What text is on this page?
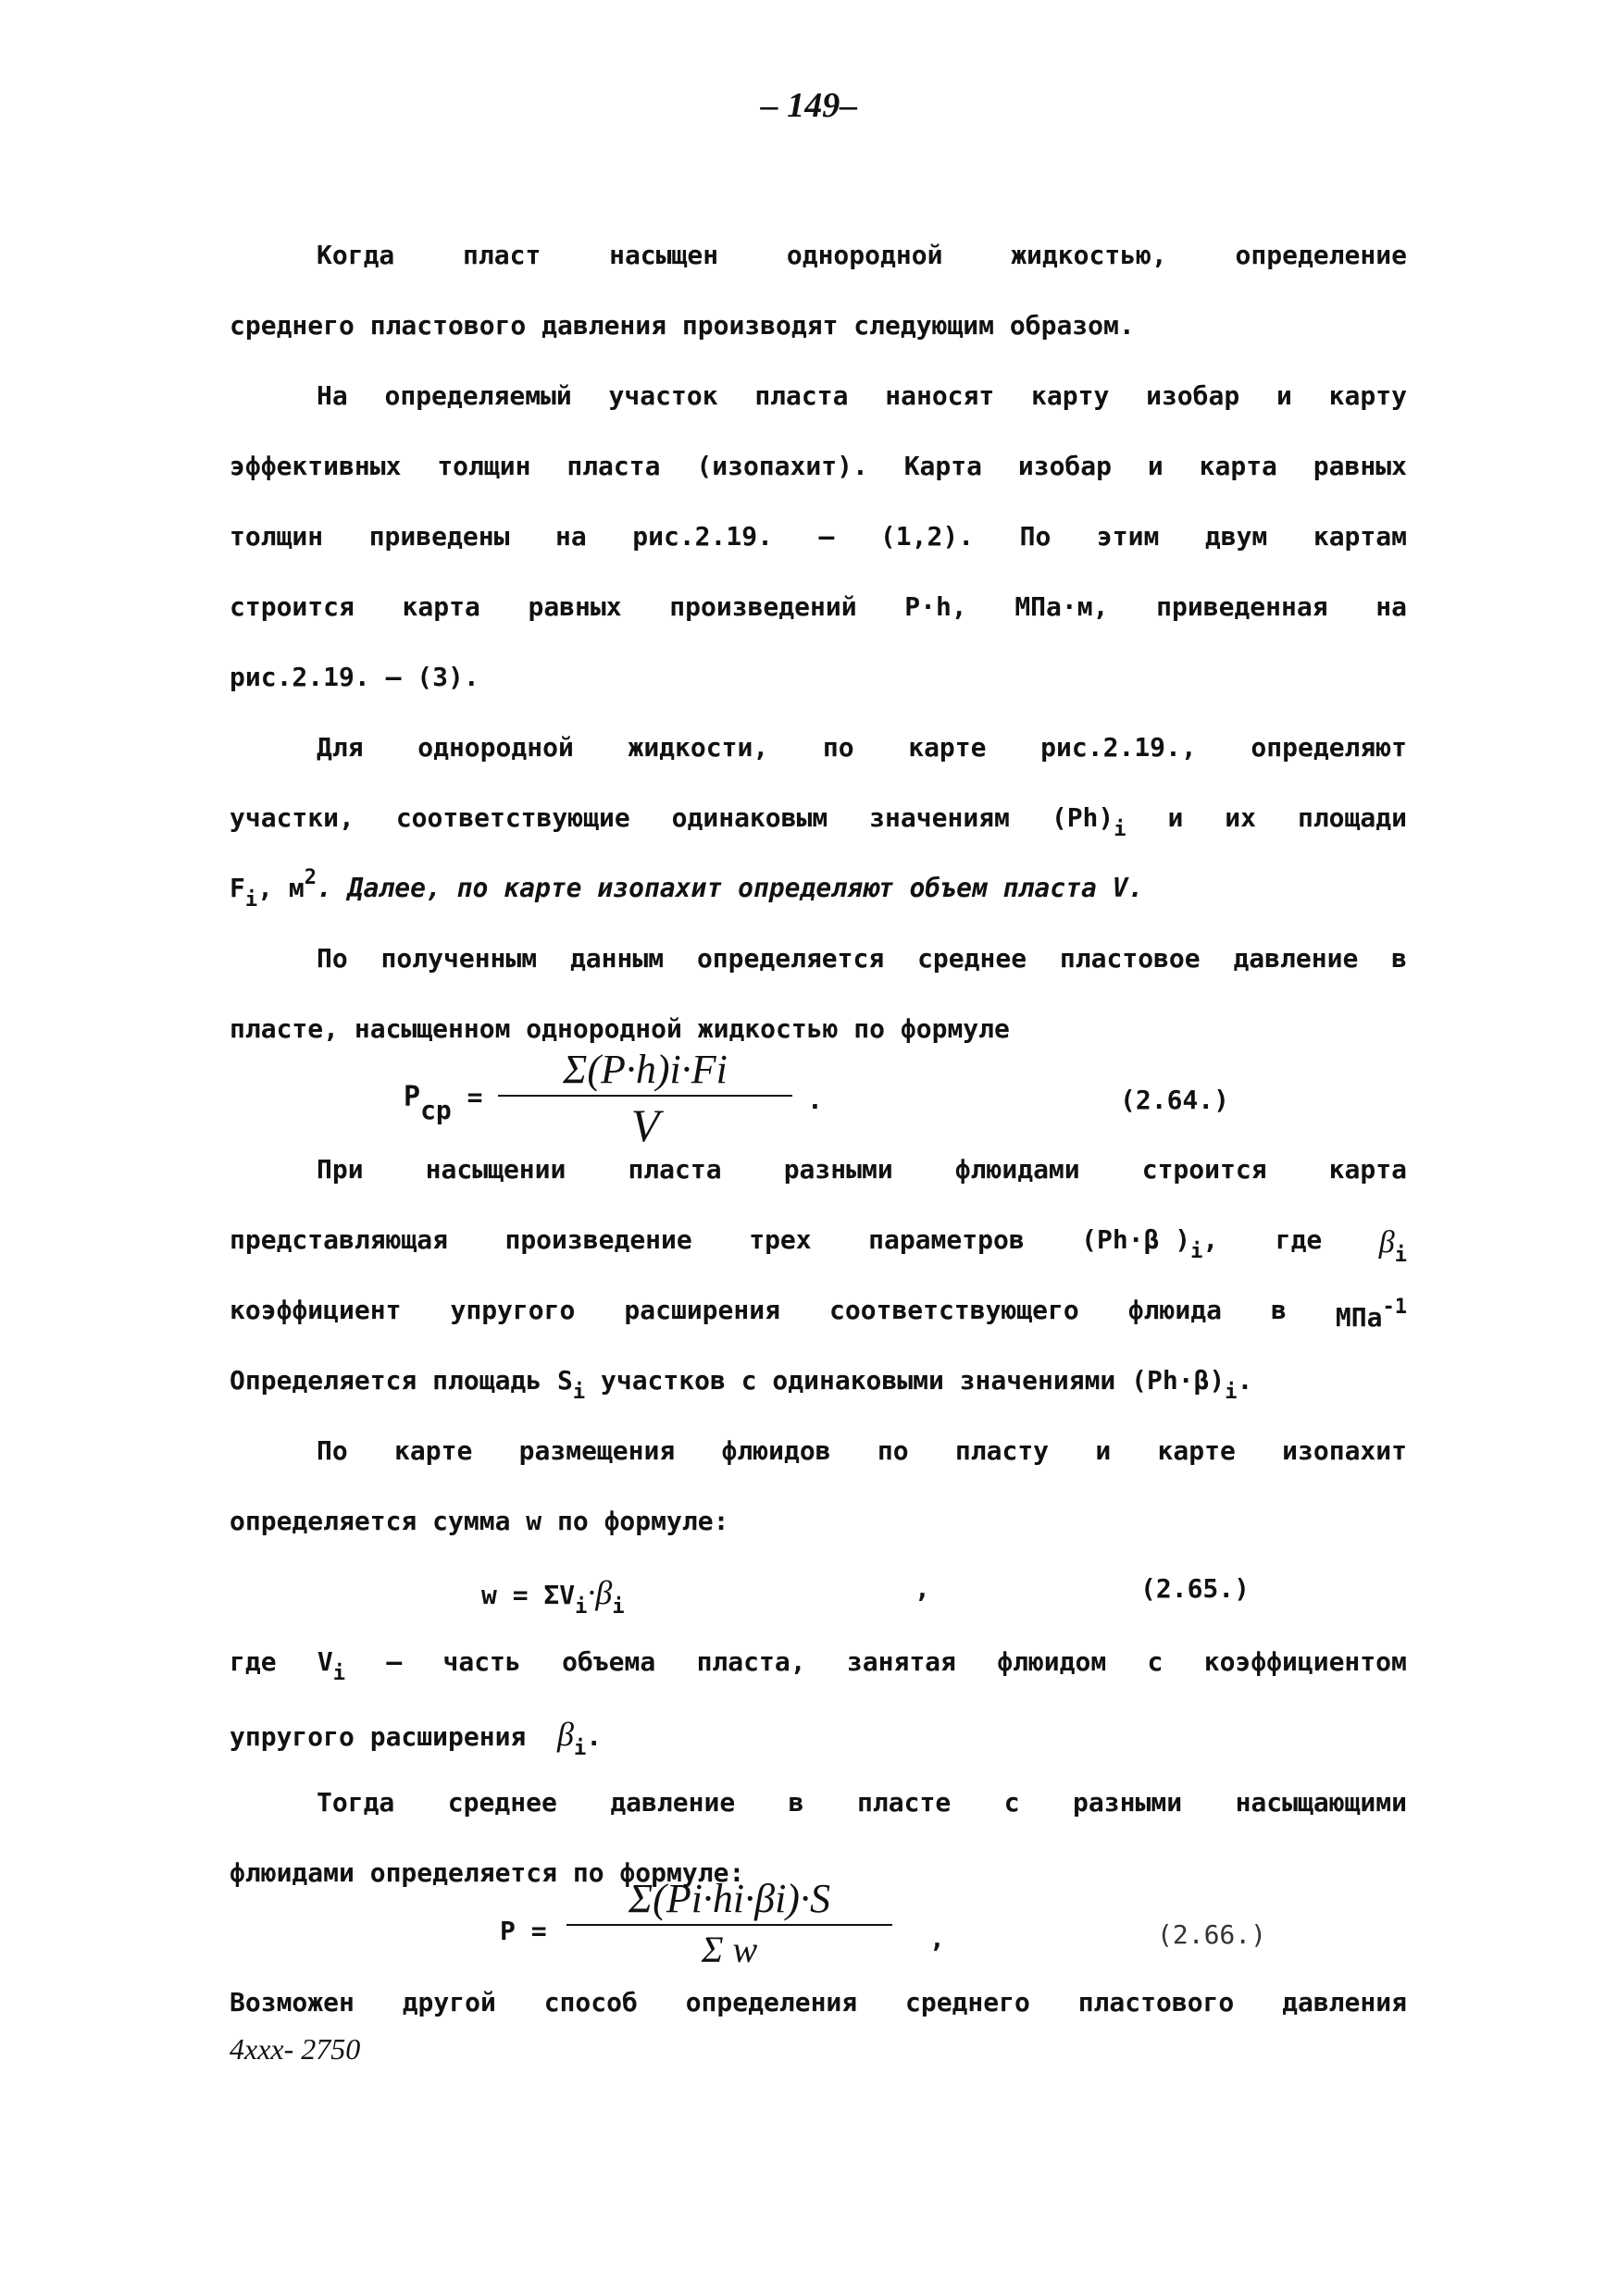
– 149–
Когда	пласт	насыщен	однородной	жидкостью,	определение
среднего пластового давления производят следующим образом.
На определяемый участок пласта наносят карту изобар и карту
эффективных толщин пласта (изопахит). Карта изобар и карта равных
толщин приведены на рис.2.19. – (1,2). По этим двум картам
строится карта равных произведений P·h, МПа·м, приведенная на
рис.2.19. – (3).
Для однородной жидкости, по карте рис.2.19., определяют
участки, соответствующие одинаковым значениям $(Ph)_i$ и их площади
$F_i$, $м^2$. Далее, по карте изопахит определяют объем пласта V.
По полученным данным определяется среднее пластовое давление в
пласте, насыщенном однородной жидкостью по формуле
$P_{ср}$ =
Σ(P·h)i·Fi
V	.	(2.64.)
При насыщении пласта разными флюидами строится карта
представляющая произведение трех параметров (Ph·β )$_i$, где $\beta_i$
коэффициент упругого расширения соответствующего флюида в МПа$^{-1}$
Определяется площадь $S_i$ участков с одинаковыми значениями $(Ph\cdot\beta)_i$.
По карте размещения флюидов по пласту и карте изопахит
определяется сумма w по формуле:
$w = \Sigma V_i\cdot\beta_i$
,	(2.65.)
где $V_i$ – часть объема пласта, занятая флюидом с коэффициентом
упругого расширения $\beta_i$.
Тогда среднее давление в пласте с разными насыщающими
флюидами определяется по формуле:
P =
Σ(Pi·hi·βi)·S
Σ w	,	(2.66.)
Возможен другой способ определения среднего пластового давления
4ххх- 2750
